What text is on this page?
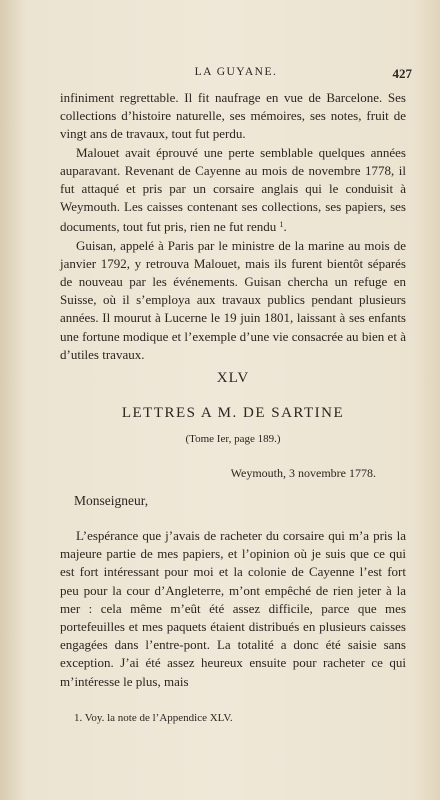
LA GUYANE.	427

infiniment regrettable. Il fit naufrage en vue de Barcelone. Ses collections d’histoire naturelle, ses mémoires, ses notes, fruit de vingt ans de travaux, tout fut perdu.

Malouet avait éprouvé une perte semblable quelques années auparavant. Revenant de Cayenne au mois de novembre 1778, il fut attaqué et pris par un corsaire anglais qui le conduisit à Weymouth. Les caisses contenant ses collections, ses papiers, ses documents, tout fut pris, rien ne fut rendu $^1$.

Guisan, appelé à Paris par le ministre de la marine au mois de janvier 1792, y retrouva Malouet, mais ils furent bientôt séparés de nouveau par les événements. Guisan chercha un refuge en Suisse, où il s’employa aux travaux publics pendant plusieurs années. Il mourut à Lucerne le 19 juin 1801, laissant à ses enfants une fortune modique et l’exemple d’une vie consacrée au bien et à d’utiles travaux.

XLV
LETTRES A M. DE SARTINE
(Tome Ier, page 189.)
Weymouth, 3 novembre 1778.
Monseigneur,

L’espérance que j’avais de racheter du corsaire qui m’a pris la majeure partie de mes papiers, et l’opinion où je suis que ce qui est fort intéressant pour moi et la colonie de Cayenne l’est fort peu pour la cour d’Angleterre, m’ont empêché de rien jeter à la mer : cela même m’eût été assez difficile, parce que mes portefeuilles et mes paquets étaient distribués en plusieurs caisses engagées dans l’entre-pont. La totalité a donc été saisie sans exception. J’ai été assez heureux ensuite pour racheter ce qui m’intéresse le plus, mais

1. Voy. la note de l’Appendice XLV.
